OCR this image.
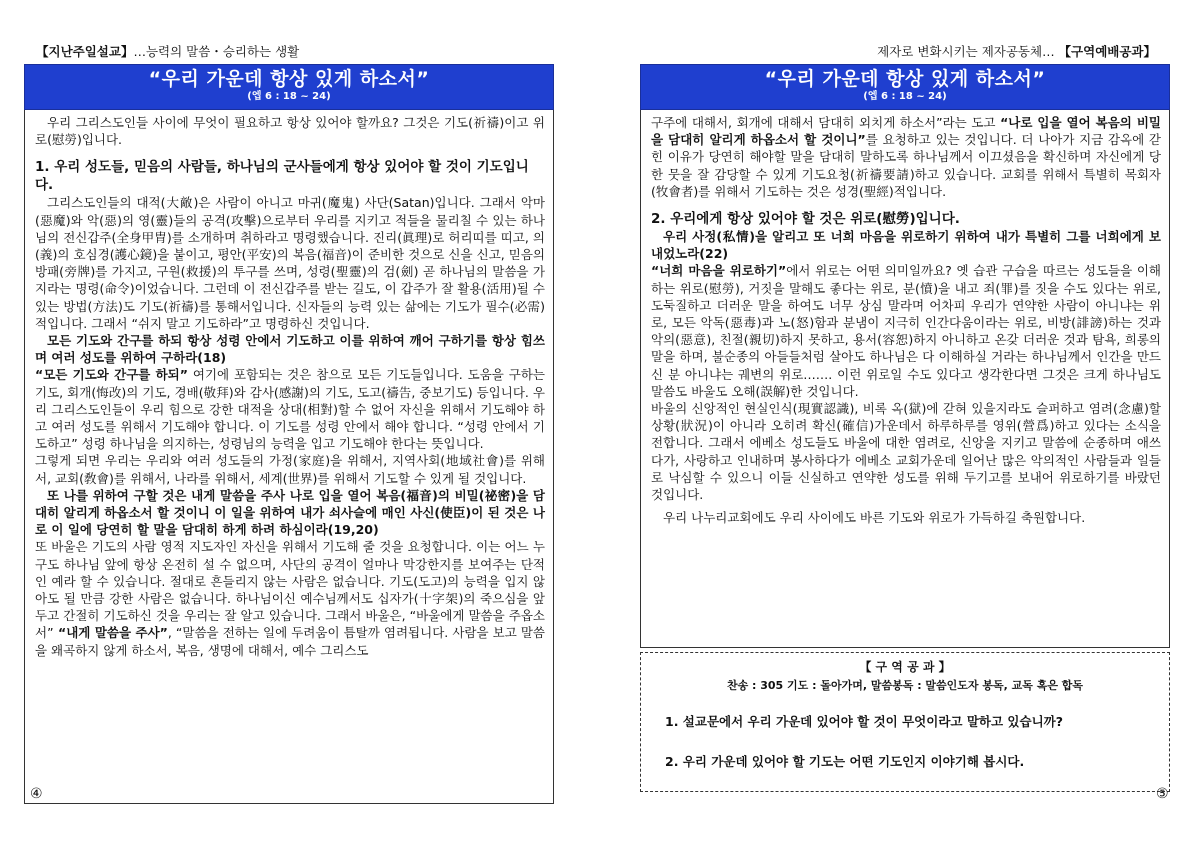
【지난주일설교】…능력의 말씀・승리하는 생활	제자로 변화시키는 제자공동체… 【구역예배공과】
“우리 가운데 항상 있게 하소서”
(엡 6 : 18 ~ 24)

우리 그리스도인들 사이에 무엇이 필요하고 항상 있어야 할까요? 그것은 기도(祈禱)이고 위로(慰勞)입니다.

1. 우리 성도들, 믿음의 사람들, 하나님의 군사들에게 항상 있어야 할 것이 기도입니다.

그리스도인들의 대적(大敵)은 사람이 아니고 마귀(魔鬼) 사단(Satan)입니다. 그래서 악마(惡魔)와 악(惡)의 영(靈)들의 공격(攻擊)으로부터 우리를 지키고 적들을 물리칠 수 있는 하나님의 전신갑주(全身甲胄)를 소개하며 취하라고 명령했습니다. 진리(眞理)로 허리띠를 띠고, 의(義)의 호심경(護心鏡)을 붙이고, 평안(平安)의 복음(福音)이 준비한 것으로 신을 신고, 믿음의 방패(旁牌)를 가지고, 구원(救援)의 투구를 쓰며, 성령(聖靈)의 검(劍) 곧 하나님의 말씀을 가지라는 명령(命令)이었습니다. 그런데 이 전신갑주를 받는 길도, 이 갑주가 잘 활용(活用)될 수 있는 방법(方法)도 기도(祈禱)를 통해서입니다. 신자들의 능력 있는 삶에는 기도가 필수(必需)적입니다. 그래서 “쉬지 말고 기도하라”고 명령하신 것입니다.

모든 기도와 간구를 하되 항상 성령 안에서 기도하고 이를 위하여 깨어 구하기를 항상 힘쓰며 여러 성도를 위하여 구하라(18)

“모든 기도와 간구를 하되” 여기에 포함되는 것은 참으로 모든 기도들입니다. 도움을 구하는 기도, 회개(悔改)의 기도, 경배(敬拜)와 감사(感謝)의 기도, 도고(禱告, 중보기도) 등입니다. 우리 그리스도인들이 우리 힘으로 강한 대적을 상대(相對)할 수 없어 자신을 위해서 기도해야 하고 여러 성도를 위해서 기도해야 합니다. 이 기도를 성령 안에서 해야 합니다. “성령 안에서 기도하고” 성령 하나님을 의지하는, 성령님의 능력을 입고 기도해야 한다는 뜻입니다.

그렇게 되면 우리는 우리와 여러 성도들의 가정(家庭)을 위해서, 지역사회(地域社會)를 위해서, 교회(敎會)를 위해서, 나라를 위해서, 세계(世界)를 위해서 기도할 수 있게 될 것입니다.

또 나를 위하여 구할 것은 내게 말씀을 주사 나로 입을 열어 복음(福音)의 비밀(祕密)을 담대히 알리게 하옵소서 할 것이니 이 일을 위하여 내가 쇠사슬에 매인 사신(使臣)이 된 것은 나로 이 일에 당연히 할 말을 담대히 하게 하려 하심이라(19,20)

또 바울은 기도의 사람 영적 지도자인 자신을 위해서 기도해 줄 것을 요청합니다. 이는 어느 누구도 하나님 앞에 항상 온전히 설 수 없으며, 사단의 공격이 얼마나 막강한지를 보여주는 단적인 예라 할 수 있습니다. 절대로 흔들리지 않는 사람은 없습니다. 기도(도고)의 능력을 입지 않아도 될 만큼 강한 사람은 없습니다. 하나님이신 예수님께서도 십자가(十字架)의 죽으심을 앞두고 간절히 기도하신 것을 우리는 잘 알고 있습니다. 그래서 바울은, “바울에게 말씀을 주옵소서” “내게 말씀을 주사”, “말씀을 전하는 일에 두려움이 틈탈까 염려됩니다. 사람을 보고 말씀을 왜곡하지 않게 하소서, 복음, 생명에 대해서, 예수 그리스도

“우리 가운데 항상 있게 하소서”
(엡 6 : 18 ~ 24)

구주에 대해서, 회개에 대해서 담대히 외치게 하소서”라는 도고 “나로 입을 열어 복음의 비밀을 담대히 알리게 하옵소서 할 것이니”를 요청하고 있는 것입니다. 더 나아가 지금 감옥에 갇힌 이유가 당연히 해야할 말을 담대히 말하도록 하나님께서 이끄셨음을 확신하며 자신에게 당한 뭇을 잘 감당할 수 있게 기도요청(祈禱要請)하고 있습니다. 교회를 위해서 특별히 목회자(牧會者)를 위해서 기도하는 것은 성경(聖經)적입니다.

2. 우리에게 항상 있어야 할 것은 위로(慰勞)입니다.

우리 사정(私情)을 알리고 또 너희 마음을 위로하기 위하여 내가 특별히 그를 너희에게 보내었노라(22)

“너희 마음을 위로하기”에서 위로는 어떤 의미일까요? 옛 습관 구습을 따르는 성도들을 이해하는 위로(慰勞), 거짓을 말해도 좋다는 위로, 분(憤)을 내고 죄(罪)를 짓을 수도 있다는 위로, 도둑질하고 더러운 말을 하여도 너무 상심 말라며 어차피 우리가 연약한 사람이 아니냐는 위로, 모든 악독(惡毒)과 노(怒)함과 분냄이 지극히 인간다움이라는 위로, 비방(誹謗)하는 것과 악의(惡意), 친절(親切)하지 못하고, 용서(容恕)하지 아니하고 온갖 더러운 것과 탐욕, 희롱의 말을 하며, 불순종의 아들들처럼 살아도 하나님은 다 이해하실 거라는 하나님께서 인간을 만드신 분 아니냐는 궤변의 위로……. 이런 위로일 수도 있다고 생각한다면 그것은 크게 하나님도 말씀도 바울도 오해(誤解)한 것입니다.

바울의 신앙적인 현실인식(現實認識), 비록 옥(獄)에 갇혀 있을지라도 슬퍼하고 염려(念慮)할 상황(狀況)이 아니라 오히려 확신(確信)가운데서 하루하루를 영위(營爲)하고 있다는 소식을 전합니다. 그래서 에베소 성도들도 바울에 대한 염려로, 신앙을 지키고 말씀에 순종하며 애쓰다가, 사랑하고 인내하며 봉사하다가 에베소 교회가운데 일어난 많은 악의적인 사람들과 일들로 낙심할 수 있으니 이들 신실하고 연약한 성도를 위해 두기고를 보내어 위로하기를 바랐던 것입니다.

우리 나누리교회에도 우리 사이에도 바른 기도와 위로가 가득하길 축원합니다.

【 구 역 공 과 】
찬송 : 305 기도 : 돌아가며, 말씀봉독 : 말씀인도자 봉독, 교독 혹은 합독
1. 설교문에서 우리 가운데 있어야 할 것이 무엇이라고 말하고 있습니까?
2. 우리 가운데 있어야 할 기도는 어떤 기도인지 이야기해 봅시다.
④	⑤
